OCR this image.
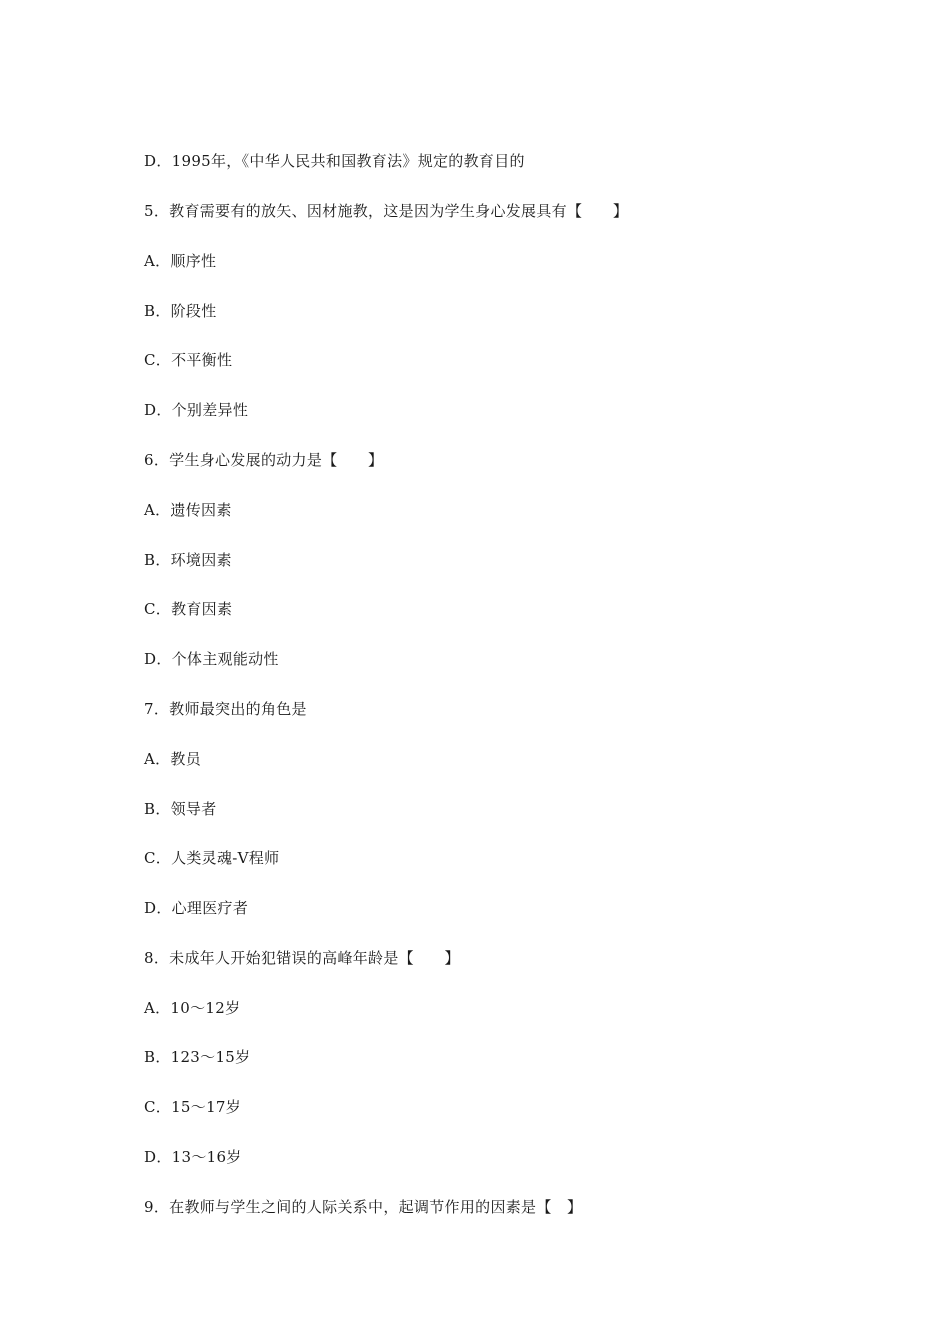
D．1995年，《中华人民共和国教育法》规定的教育目的
5．教育需要有的放矢、因材施教，这是因为学生身心发展具有【　　】
A．顺序性
B．阶段性
C．不平衡性
D．个别差异性
6．学生身心发展的动力是【　　】
A．遗传因素
B．环境因素
C．教育因素
D．个体主观能动性
7．教师最突出的角色是
A．教员
B．领导者
C．人类灵魂-V程师
D．心理医疗者
8．未成年人开始犯错误的高峰年龄是【　　】
A．10～12岁
B．123～15岁
C．15～17岁
D．13～16岁
9．在教师与学生之间的人际关系中，起调节作用的因素是【　】
